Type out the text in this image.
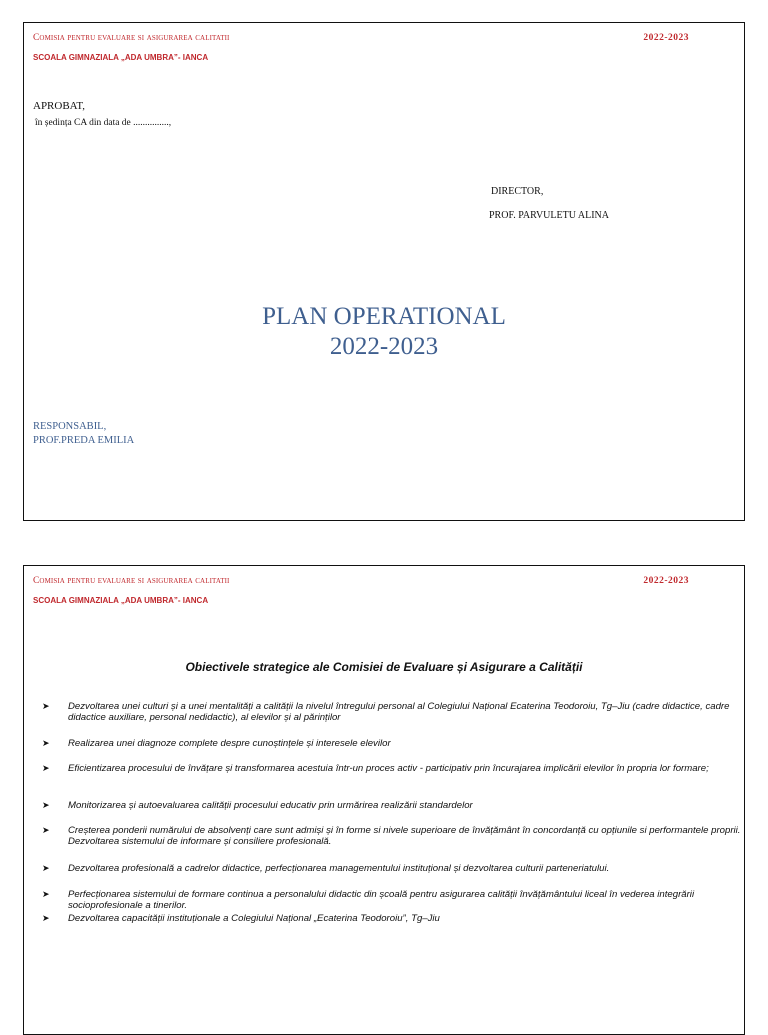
Comisia pentru evaluare si asigurarea calitatii	2022-2023
SCOALA GIMNAZIALA „ADA UMBRA”- IANCA
APROBAT,
în ședința CA din data de ...............,
DIRECTOR,
PROF. PARVULETU ALINA
PLAN OPERATIONAL
2022-2023
RESPONSABIL,
PROF.PREDA EMILIA
Comisia pentru evaluare si asigurarea calitatii	2022-2023
SCOALA GIMNAZIALA „ADA UMBRA”- IANCA
Obiectivele strategice ale Comisiei de Evaluare și Asigurare a Calității
➤ Dezvoltarea unei culturi și a unei mentalități a calității la nivelul întregului personal al Colegiului Național Ecaterina Teodoroiu, Tg–Jiu (cadre didactice, cadre didactice auxiliare, personal nedidactic), al elevilor și al părinților
➤ Realizarea unei diagnoze complete despre cunoștințele și interesele elevilor
➤ Eficientizarea procesului de învățare și transformarea acestuia într-un proces activ - participativ prin încurajarea implicării elevilor în propria lor formare;
➤ Monitorizarea și autoevaluarea calității procesului educativ prin urmărirea realizării standardelor
➤ Creșterea ponderii numărului de absolvenți care sunt admiși și în forme si nivele superioare de învățământ în concordanță cu opțiunile si performantele proprii. Dezvoltarea sistemului de informare și consiliere profesională.
➤ Dezvoltarea profesională a cadrelor didactice, perfecționarea managementului instituțional și dezvoltarea culturii parteneriatului.
➤ Perfecționarea sistemului de formare continua a personalului didactic din școală pentru asigurarea calității învățământului liceal în vederea integrării socioprofesionale a tinerilor.
➤ Dezvoltarea capacității instituționale a Colegiului Național „Ecaterina Teodoroiu”, Tg–Jiu
